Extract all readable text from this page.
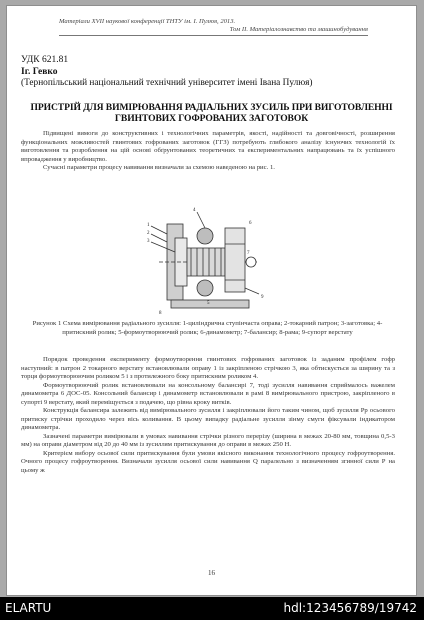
Матеріали XVII наукової конференції ТНТУ ім. І. Пулюя, 2013.
Том II. Матеріалознавство та машинобудування
УДК 621.81
Іг. Гевко
(Тернопільський національний технічний університет імені Івана Пулюя)
ПРИСТРІЙ ДЛЯ ВИМІРЮВАННЯ РАДІАЛЬНИХ ЗУСИЛЬ ПРИ ВИГОТОВЛЕННІ ГВИНТОВИХ ГОФРОВАНИХ ЗАГОТОВОК

Підвищені вимоги до конструктивних і технологічних параметрів, якості, надійності та довговічності, розширення функціональних можливостей гвинтових гофрованих заготовок (ГГЗ) потребують глибокого аналізу існуючих технологій їх виготовлення та розроблення на цій основі обґрунтованих теоретичних та експериментальних напрацювань та їх успішного впровадження у виробництво.

Сучасні параметри процесу навивання визначали за схемою наведеною на рис. 1.

1
2
3
4
5
6
7
8
9
Рисунок 1 Схема вимірювання радіального зусилля: 1-циліндрична ступінчаста оправа; 2-токарний патрон; 3-заготовка; 4-притискний ролик; 5-формоутворюючий ролик; 6-динамометр; 7-балансир; 8-рама; 9-супорт верстату

Порядок проведення експерименту формоутворення гвинтових гофрованих заготовок із заданим профілем гофр наступний: в патрон 2 токарного верстату встановлювали оправу 1 із закріпленою стрічкою 3, яка обтискується за ширину та з торця формоутворюючим роликом 5 і з протилежного боку притискним роликом 4.

Формоутворюючий ролик встановлювали на консольному балансирі 7, тоді зусилля навивання сприймалось важелем динамометра 6 ДОС-05. Консольний балансир і динамометр встановлювали в рамі 8 вимірювального пристрою, закріпленого в супорті 9 верстату, який переміщується з подачею, що рівна кроку витків.

Конструкція балансира залежить від вимірювального зусилля і закріплювали його таким чином, щоб зусилля Рр осьового притиску стрічки проходило через вісь коливання. В цьому випадку радіальне зусилля зінму смуги фіксували індикатором динамометра.

Зазначені параметри вимірювали в умовах навивання стрічки різного перерізу (ширина в межах 20-80 мм, товщина 0,5-3 мм) на оправи діаметром від 20 до 40 мм із зусиллям притискування до оправи в межах 250 Н.

Критерієм вибору осьової сили притискування були умови якісного виконання технологічного процесу гофроутворення. Очного процесу гофроутворення. Визначали зусилля осьової сили навивання Q паралельно з визначенням згинної сили Р на цьому ж

16
ELARTU	hdl:123456789/19742
